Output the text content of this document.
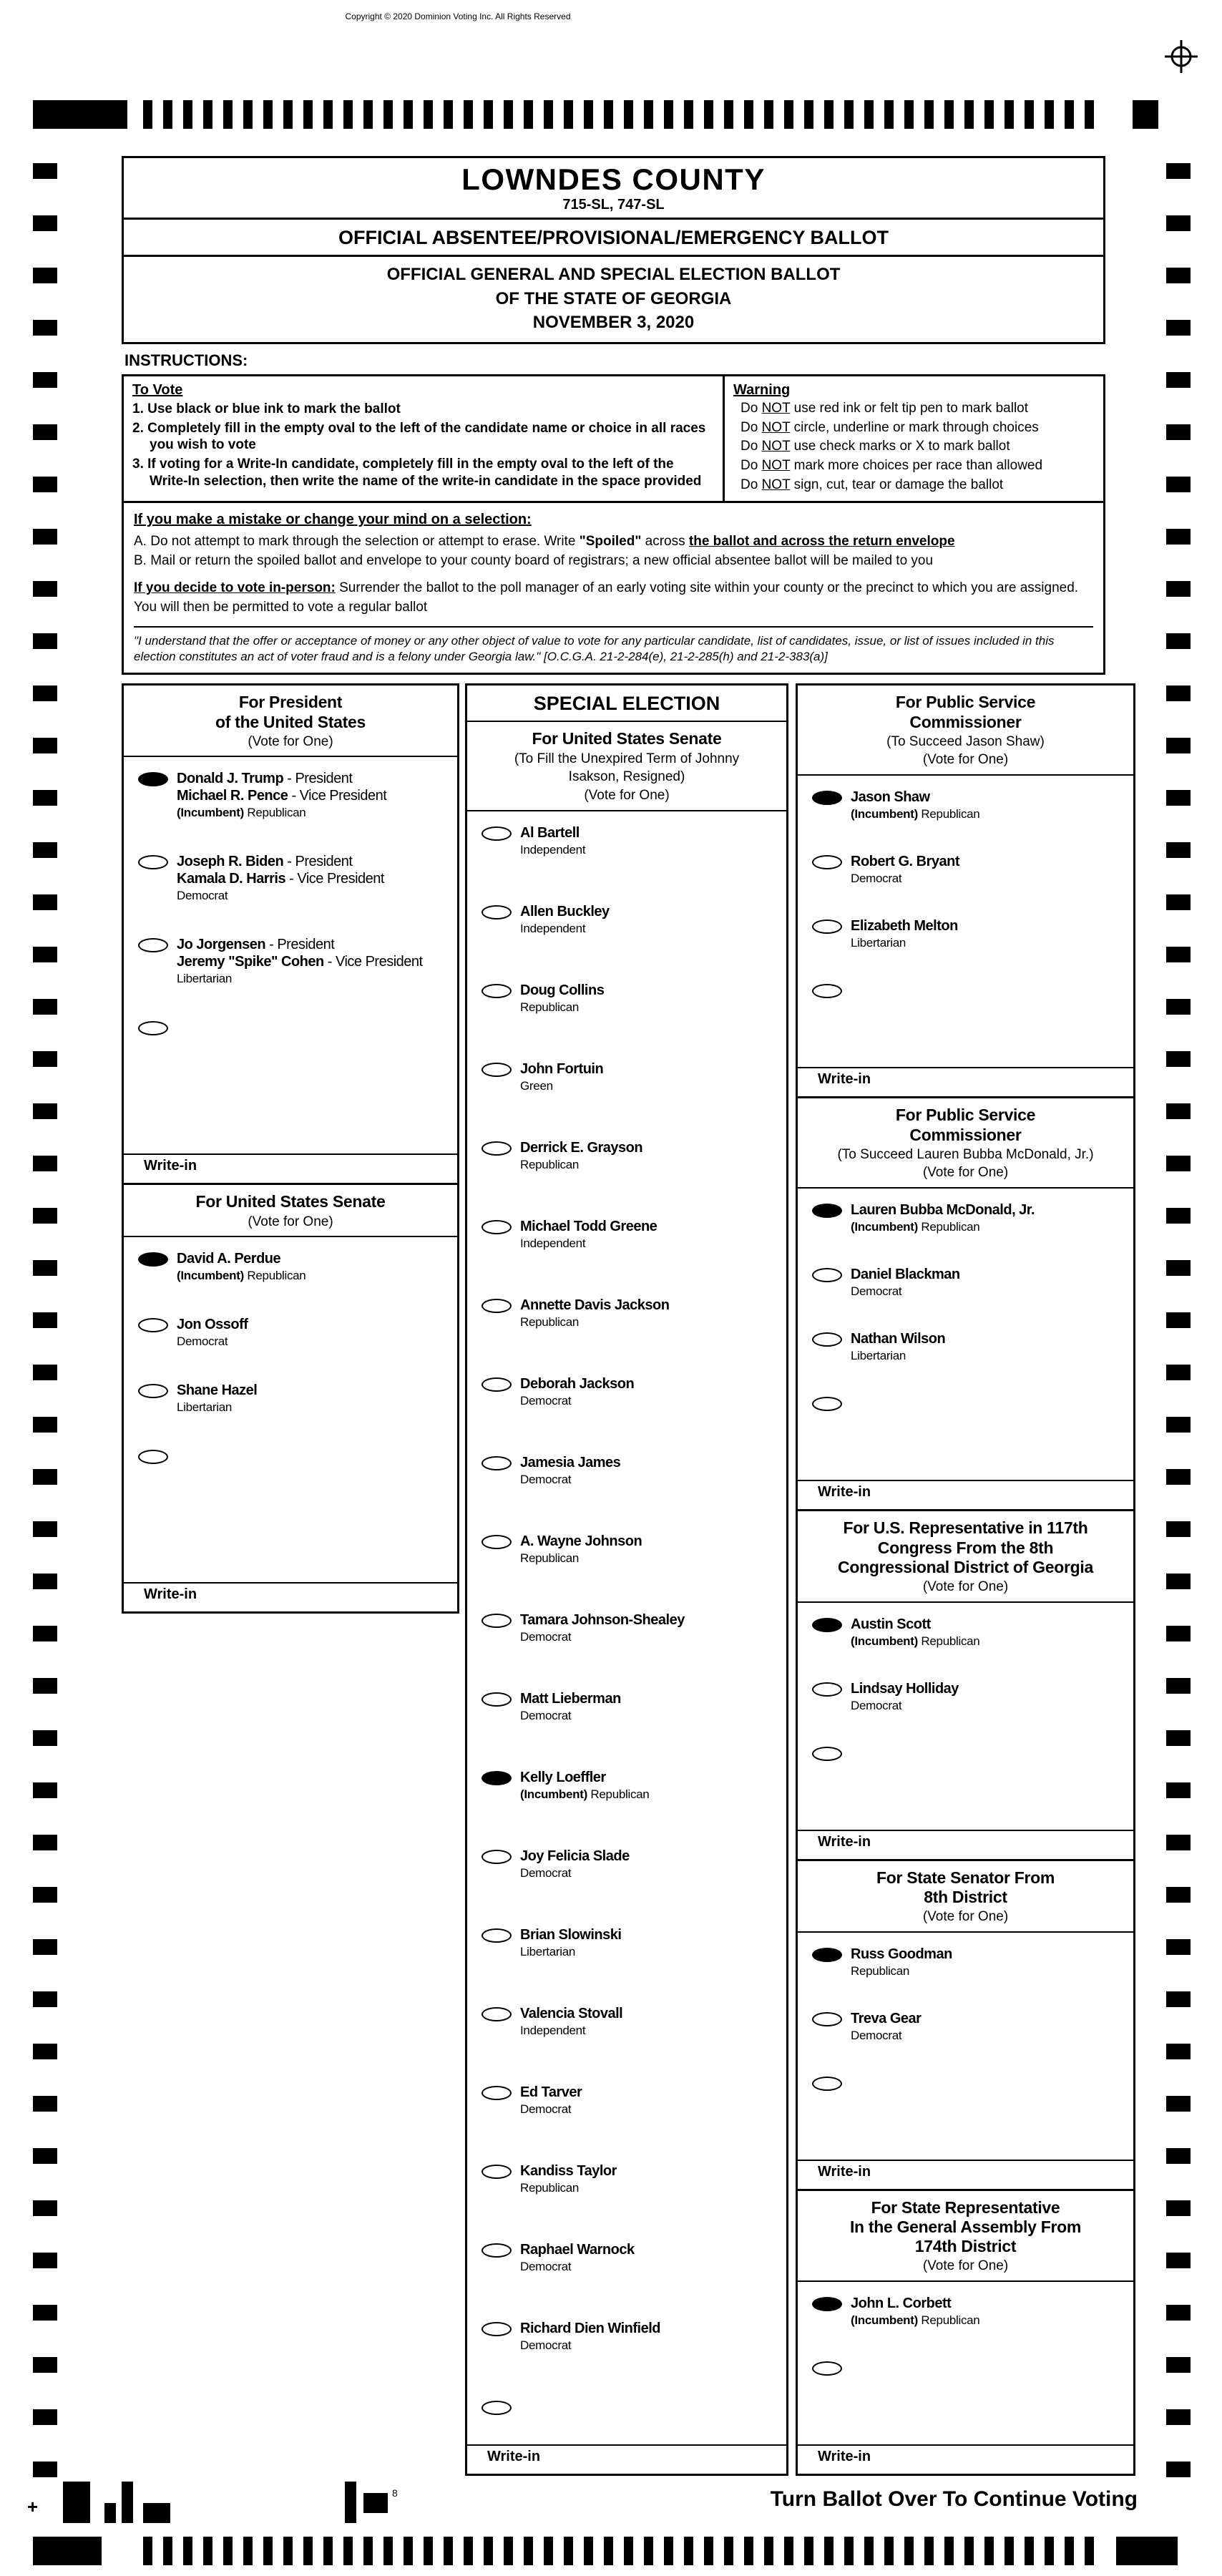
Copyright © 2020 Dominion Voting Inc. All Rights Reserved
LOWNDES COUNTY
715-SL, 747-SL
OFFICIAL ABSENTEE/PROVISIONAL/EMERGENCY BALLOT
OFFICIAL GENERAL AND SPECIAL ELECTION BALLOT
OF THE STATE OF GEORGIA
NOVEMBER 3, 2020
INSTRUCTIONS:
To Vote
1. Use black or blue ink to mark the ballot
2. Completely fill in the empty oval to the left of the candidate name or choice in all races you wish to vote
3. If voting for a Write-In candidate, completely fill in the empty oval to the left of the Write-In selection, then write the name of the write-in candidate in the space provided
Warning
Do NOT use red ink or felt tip pen to mark ballot
Do NOT circle, underline or mark through choices
Do NOT use check marks or X to mark ballot
Do NOT mark more choices per race than allowed
Do NOT sign, cut, tear or damage the ballot
If you make a mistake or change your mind on a selection:
A. Do not attempt to mark through the selection or attempt to erase. Write "Spoiled" across the ballot and across the return envelope
B. Mail or return the spoiled ballot and envelope to your county board of registrars; a new official absentee ballot will be mailed to you
If you decide to vote in-person: Surrender the ballot to the poll manager of an early voting site within your county or the precinct to which you are assigned. You will then be permitted to vote a regular ballot
"I understand that the offer or acceptance of money or any other object of value to vote for any particular candidate, list of candidates, issue, or list of issues included in this election constitutes an act of voter fraud and is a felony under Georgia law." [O.C.G.A. 21-2-284(e), 21-2-285(h) and 21-2-383(a)]
For President
of the United States
(Vote for One)
Donald J. Trump - President
Michael R. Pence - Vice President
(Incumbent) Republican
Joseph R. Biden - President
Kamala D. Harris - Vice President
Democrat
Jo Jorgensen - President
Jeremy "Spike" Cohen - Vice President
Libertarian
Write-in
For United States Senate
(Vote for One)
David A. Perdue
(Incumbent) Republican
Jon Ossoff
Democrat
Shane Hazel
Libertarian
Write-in
SPECIAL ELECTION
For United States Senate
(To Fill the Unexpired Term of Johnny
Isakson, Resigned)
(Vote for One)
Al Bartell
Independent
Allen Buckley
Independent
Doug Collins
Republican
John Fortuin
Green
Derrick E. Grayson
Republican
Michael Todd Greene
Independent
Annette Davis Jackson
Republican
Deborah Jackson
Democrat
Jamesia James
Democrat
A. Wayne Johnson
Republican
Tamara Johnson-Shealey
Democrat
Matt Lieberman
Democrat
Kelly Loeffler
(Incumbent) Republican
Joy Felicia Slade
Democrat
Brian Slowinski
Libertarian
Valencia Stovall
Independent
Ed Tarver
Democrat
Kandiss Taylor
Republican
Raphael Warnock
Democrat
Richard Dien Winfield
Democrat
Write-in
For Public Service
Commissioner
(To Succeed Jason Shaw)
(Vote for One)
Jason Shaw
(Incumbent) Republican
Robert G. Bryant
Democrat
Elizabeth Melton
Libertarian
Write-in
For Public Service
Commissioner
(To Succeed Lauren Bubba McDonald, Jr.)
(Vote for One)
Lauren Bubba McDonald, Jr.
(Incumbent) Republican
Daniel Blackman
Democrat
Nathan Wilson
Libertarian
Write-in
For U.S. Representative in 117th
Congress From the 8th
Congressional District of Georgia
(Vote for One)
Austin Scott
(Incumbent) Republican
Lindsay Holliday
Democrat
Write-in
For State Senator From
8th District
(Vote for One)
Russ Goodman
Republican
Treva Gear
Democrat
Write-in
For State Representative
In the General Assembly From
174th District
(Vote for One)
John L. Corbett
(Incumbent) Republican
Write-in
+
8	Turn Ballot Over To Continue Voting
